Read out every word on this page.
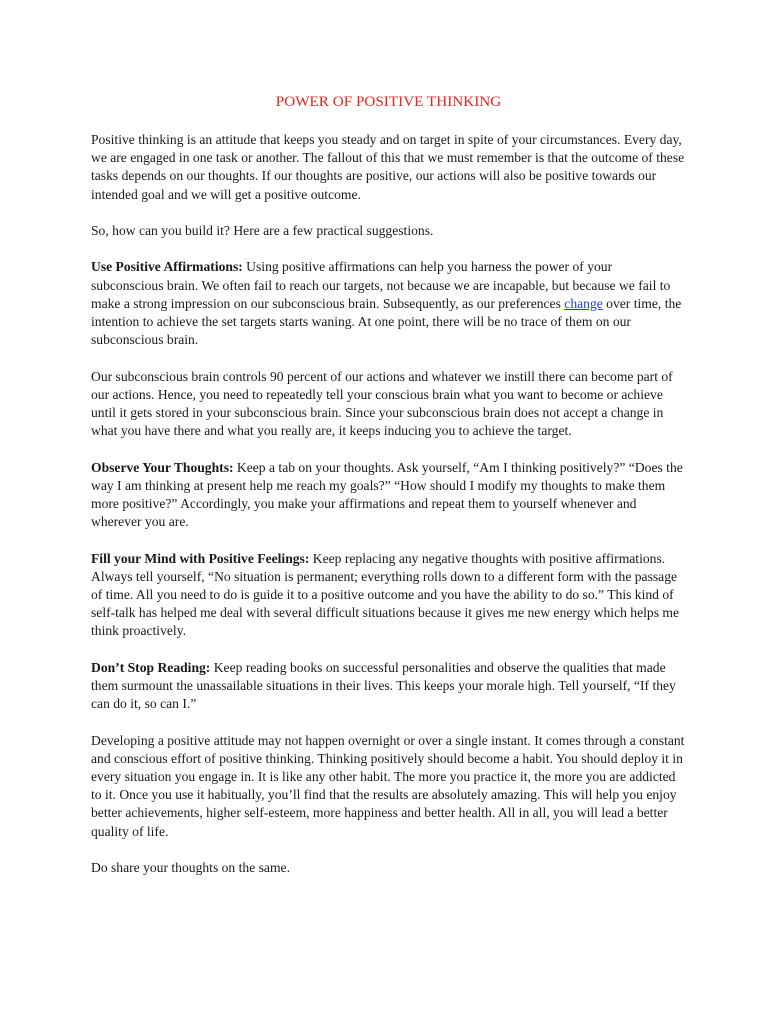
POWER OF POSITIVE THINKING

Positive thinking is an attitude that keeps you steady and on target in spite of your circumstances. Every day, we are engaged in one task or another. The fallout of this that we must remember is that the outcome of these tasks depends on our thoughts. If our thoughts are positive, our actions will also be positive towards our intended goal and we will get a positive outcome.

So, how can you build it? Here are a few practical suggestions.

Use Positive Affirmations: Using positive affirmations can help you harness the power of your subconscious brain. We often fail to reach our targets, not because we are incapable, but because we fail to make a strong impression on our subconscious brain. Subsequently, as our preferences change over time, the intention to achieve the set targets starts waning. At one point, there will be no trace of them on our subconscious brain.

Our subconscious brain controls 90 percent of our actions and whatever we instill there can become part of our actions. Hence, you need to repeatedly tell your conscious brain what you want to become or achieve until it gets stored in your subconscious brain. Since your subconscious brain does not accept a change in what you have there and what you really are, it keeps inducing you to achieve the target.

Observe Your Thoughts: Keep a tab on your thoughts. Ask yourself, “Am I thinking positively?” “Does the way I am thinking at present help me reach my goals?” “How should I modify my thoughts to make them more positive?” Accordingly, you make your affirmations and repeat them to yourself whenever and wherever you are.

Fill your Mind with Positive Feelings: Keep replacing any negative thoughts with positive affirmations. Always tell yourself, “No situation is permanent; everything rolls down to a different form with the passage of time. All you need to do is guide it to a positive outcome and you have the ability to do so.” This kind of self-talk has helped me deal with several difficult situations because it gives me new energy which helps me think proactively.

Don’t Stop Reading: Keep reading books on successful personalities and observe the qualities that made them surmount the unassailable situations in their lives. This keeps your morale high. Tell yourself, “If they can do it, so can I.”

Developing a positive attitude may not happen overnight or over a single instant. It comes through a constant and conscious effort of positive thinking. Thinking positively should become a habit. You should deploy it in every situation you engage in. It is like any other habit. The more you practice it, the more you are addicted to it. Once you use it habitually, you’ll find that the results are absolutely amazing. This will help you enjoy better achievements, higher self-esteem, more happiness and better health. All in all, you will lead a better quality of life.

Do share your thoughts on the same.
